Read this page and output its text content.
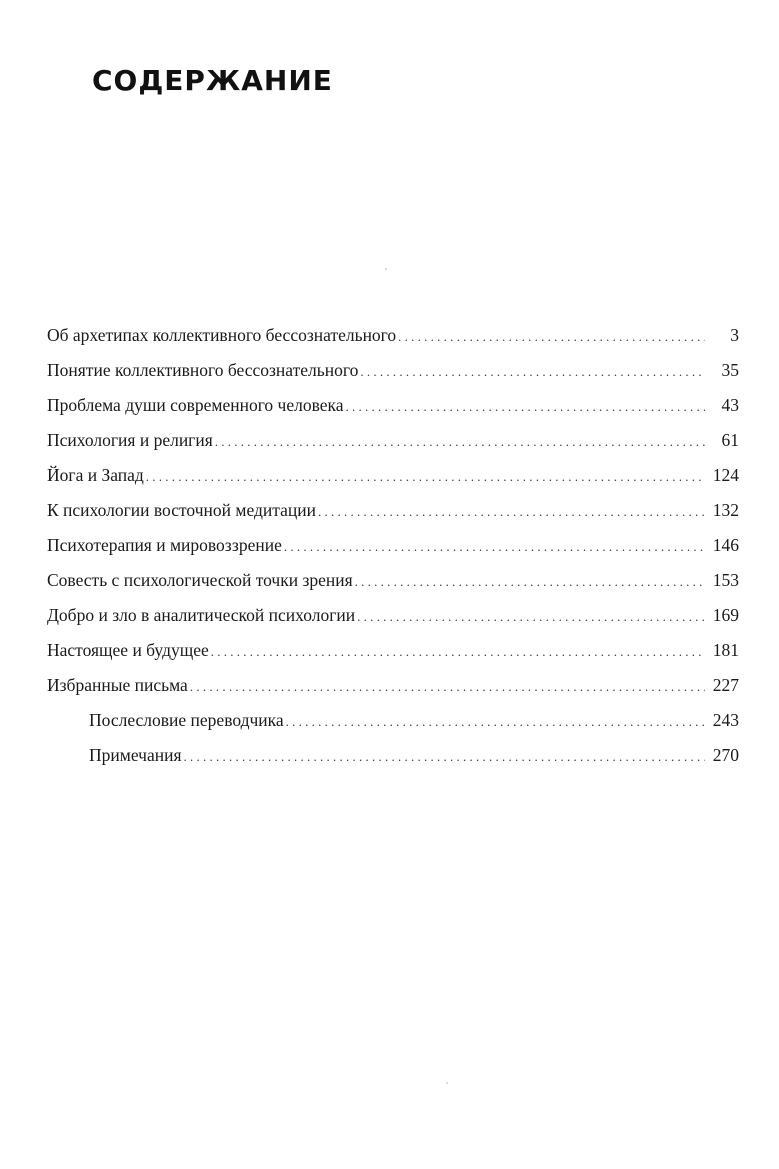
СОДЕРЖАНИЕ
Об архетипах коллективного бессознательного . . .	3
Понятие коллективного бессознательного . . .	35
Проблема души современного человека . . .	43
Психология и религия . . .	61
Йога и Запад . . .	124
К психологии восточной медитации . . .	132
Психотерапия и мировоззрение . . .	146
Совесть с психологической точки зрения . . .	153
Добро и зло в аналитической психологии . . .	169
Настоящее и будущее . . .	181
Избранные письма . . .	227
Послесловие переводчика . . .	243
Примечания . . .	270
